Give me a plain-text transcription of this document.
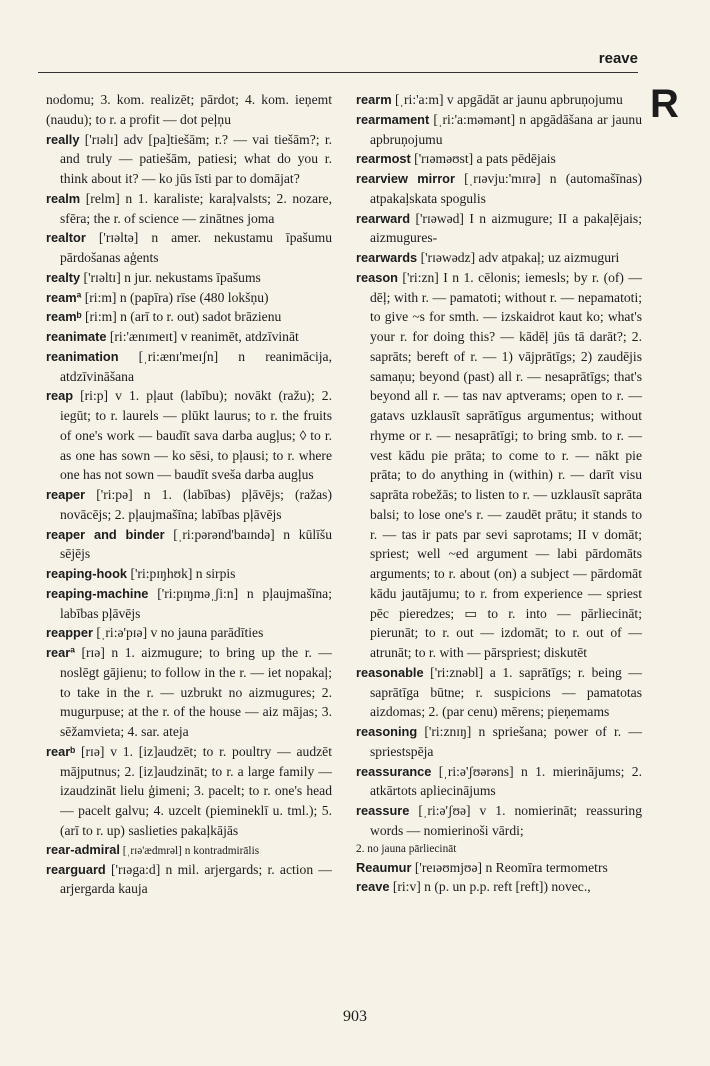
reave
R

nodomu; 3. kom. realizēt; pārdot; 4. kom. ieņemt (naudu); to r. a profit — dot peļņu

really ['rɪəlɪ] adv [pa]tiešām; r.? — vai tiešām?; r. and truly — patiešām, patiesi; what do you r. think about it? — ko jūs īsti par to domājat?

realm [relm] n 1. karaliste; karaļvalsts; 2. nozare, sfēra; the r. of science — zinātnes joma

realtor ['rɪəltə] n amer. nekustamu īpašumu pārdošanas aģents

realty ['rɪəltɪ] n jur. nekustams īpašums

reamª [ri:m] n (papīra) rīse (480 lokšņu)

reamᵇ [ri:m] n (arī to r. out) sadot brāzienu

reanimate [ri:'ænɪmeɪt] v reanimēt, atdzīvināt

reanimation [ˌri:ænɪ'meɪʃn] n reanimācija, atdzīvināšana

reap [ri:p] v 1. pļaut (labību); novākt (ražu); 2. iegūt; to r. laurels — plūkt laurus; to r. the fruits of one's work — baudīt sava darba augļus; ◊ to r. as one has sown — ko sēsi, to pļausi; to r. where one has not sown — baudīt sveša darba augļus

reaper ['ri:pə] n 1. (labības) pļāvējs; (ražas) novācējs; 2. pļaujmašīna; labības pļāvējs

reaper and binder [ˌri:pərənd'baɪndə] n kūlīšu sējējs

reaping-hook ['ri:pɪŋhʊk] n sirpis

reaping-machine ['ri:pɪŋməˌʃi:n] n pļaujmašīna; labības pļāvējs

reapper [ˌri:ə'pɪə] v no jauna parādīties

rearª [rɪə] n 1. aizmugure; to bring up the r. — noslēgt gājienu; to follow in the r. — iet nopakaļ; to take in the r. — uzbrukt no aizmugures; 2. mugurpuse; at the r. of the house — aiz mājas; 3. sēžamvieta; 4. sar. ateja

rearᵇ [rɪə] v 1. [iz]audzēt; to r. poultry — audzēt mājputnus; 2. [iz]audzināt; to r. a large family — izaudzināt lielu ģimeni; 3. pacelt; to r. one's head — pacelt galvu; 4. uzcelt (piemineklī u. tml.); 5. (arī to r. up) saslieties pakaļkājās

rear-admiral [ˌrɪə'ædmrəl] n kontradmirālis

rearguard ['rɪəga:d] n mil. arjergards; r. action — arjergarda kauja

rearm [ˌri:'a:m] v apgādāt ar jaunu apbruņojumu

rearmament [ˌri:'a:məmənt] n apgādāšana ar jaunu apbruņojumu

rearmost ['rɪəməʊst] a pats pēdējais

rearview mirror [ˌrɪəvju:'mɪrə] n (automašīnas) atpakaļskata spogulis

rearward ['rɪəwəd] I n aizmugure; II a pakaļējais; aizmugures-

rearwards ['rɪəwədz] adv atpakaļ; uz aizmuguri

reason ['ri:zn] I n 1. cēlonis; iemesls; by r. (of) — dēļ; with r. — pamatoti; without r. — nepamatoti; to give ~s for smth. — izskaidrot kaut ko; what's your r. for doing this? — kādēļ jūs tā darāt?; 2. saprāts; bereft of r. — 1) vājprātīgs; 2) zaudējis samaņu; beyond (past) all r. — nesaprātīgs; that's beyond all r. — tas nav aptverams; open to r. — gatavs uzklausīt saprātīgus argumentus; without rhyme or r. — nesaprātīgi; to bring smb. to r. — vest kādu pie prāta; to come to r. — nākt pie prāta; to do anything in (within) r. — darīt visu saprāta robežās; to listen to r. — uzklausīt saprāta balsi; to lose one's r. — zaudēt prātu; it stands to r. — tas ir pats par sevi saprotams; II v domāt; spriest; well ~ed argument — labi pārdomāts arguments; to r. about (on) a subject — pārdomāt kādu jautājumu; to r. from experience — spriest pēc pieredzes; ▭ to r. into — pārliecināt; pierunāt; to r. out — izdomāt; to r. out of — atrunāt; to r. with — pārspriest; diskutēt

reasonable ['ri:znəbl] a 1. saprātīgs; r. being — saprātīga būtne; r. suspicions — pamatotas aizdomas; 2. (par cenu) mērens; pieņemams

reasoning ['ri:znɪŋ] n spriešana; power of r. — spriestspēja

reassurance [ˌri:ə'ʃʊərəns] n 1. mierinājums; 2. atkārtots apliecinājums

reassure [ˌri:ə'ʃʊə] v 1. nomierināt; reassuring words — nomierinoši vārdi;

2. no jauna pārliecināt

Reaumur ['reɪəʊmjʊə] n Reomīra termometrs

reave [ri:v] n (p. un p.p. reft [reft]) novec.,

903
